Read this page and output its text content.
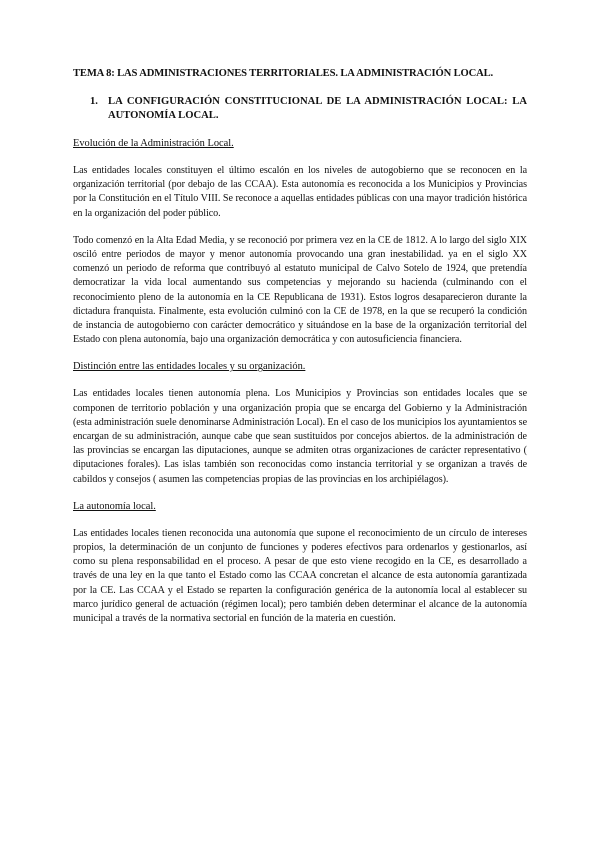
TEMA 8: LAS ADMINISTRACIONES TERRITORIALES. LA ADMINISTRACIÓN LOCAL.
1. LA CONFIGURACIÓN CONSTITUCIONAL DE LA ADMINISTRACIÓN LOCAL: LA AUTONOMÍA LOCAL.
Evolución de la Administración Local.

Las entidades locales constituyen el último escalón en los niveles de autogobierno que se reconocen en la organización territorial (por debajo de las CCAA). Esta autonomía es reconocida a los Municipios y Provincias por la Constitución en el Título VIII. Se reconoce a aquellas entidades públicas con una mayor tradición histórica en la organización del poder público.

Todo comenzó en la Alta Edad Media, y se reconoció por primera vez en la CE de 1812. A lo largo del siglo XIX osciló entre periodos de mayor y menor autonomía provocando una gran inestabilidad. ya en el siglo XX comenzó un periodo de reforma que contribuyó al estatuto municipal de Calvo Sotelo de 1924, que pretendía democratizar la vida local aumentando sus competencias y mejorando su hacienda (culminando con el reconocimiento pleno de la autonomía en la CE Republicana de 1931). Estos logros desaparecieron durante la dictadura franquista. Finalmente, esta evolución culminó con la CE de 1978, en la que se recuperó la condición de instancia de autogobierno con carácter democrático y situándose en la base de la organización territorial del Estado con plena autonomía, bajo una organización democrática y con autosuficiencia financiera.

Distinción entre las entidades locales y su organización.

Las entidades locales tienen autonomía plena. Los Municipios y Provincias son entidades locales que se componen de territorio población y una organización propia que se encarga del Gobierno y la Administración (esta administración suele denominarse Administración Local). En el caso de los municipios los ayuntamientos se encargan de su administración, aunque cabe que sean sustituidos por concejos abiertos. de la administración de las provincias se encargan las diputaciones, aunque se admiten otras organizaciones de carácter representativo ( diputaciones forales). Las islas también son reconocidas como instancia territorial y se organizan a través de cabildos y consejos ( asumen las competencias propias de las provincias en los archipiélagos).

La autonomía local.

Las entidades locales tienen reconocida una autonomía que supone el reconocimiento de un círculo de intereses propios, la determinación de un conjunto de funciones y poderes efectivos para ordenarlos y gestionarlos, así como su plena responsabilidad en el proceso. A pesar de que esto viene recogido en la CE, es desarrollado a través de una ley en la que tanto el Estado como las CCAA concretan el alcance de esta autonomía garantizada por la CE. Las CCAA y el Estado se reparten la configuración genérica de la autonomía local al establecer su marco jurídico general de actuación (régimen local); pero también deben determinar el alcance de la autonomía municipal a través de la normativa sectorial en función de la materia en cuestión.
